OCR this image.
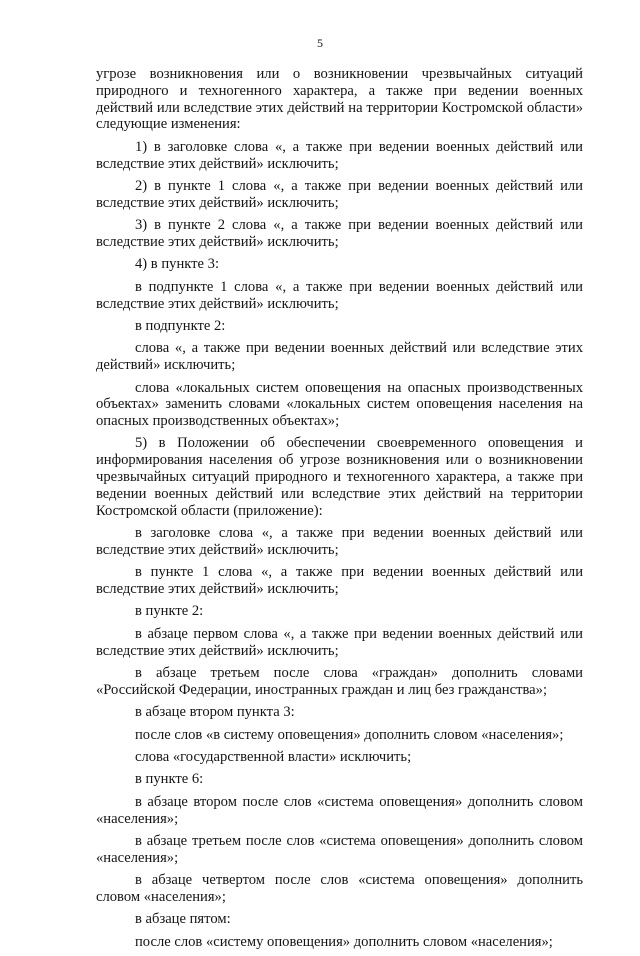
5

угрозе возникновения или о возникновении чрезвычайных ситуаций природного и техногенного характера, а также при ведении военных действий или вследствие этих действий на территории Костромской области» следующие изменения:

1) в заголовке слова «, а также при ведении военных действий или вследствие этих действий» исключить;

2) в пункте 1 слова «, а также при ведении военных действий или вследствие этих действий» исключить;

3) в пункте 2 слова «, а также при ведении военных действий или вследствие этих действий» исключить;

4) в пункте 3:

в подпункте 1 слова «, а также при ведении военных действий или вследствие этих действий» исключить;

в подпункте 2:

слова «, а также при ведении военных действий или вследствие этих действий» исключить;

слова «локальных систем оповещения на опасных производственных объектах» заменить словами «локальных систем оповещения населения на опасных производственных объектах»;

5) в Положении об обеспечении своевременного оповещения и информирования населения об угрозе возникновения или о возникновении чрезвычайных ситуаций природного и техногенного характера, а также при ведении военных действий или вследствие этих действий на территории Костромской области (приложение):

в заголовке слова «, а также при ведении военных действий или вследствие этих действий» исключить;

в пункте 1 слова «, а также при ведении военных действий или вследствие этих действий» исключить;

в пункте 2:

в абзаце первом слова «, а также при ведении военных действий или вследствие этих действий» исключить;

в абзаце третьем после слова «граждан» дополнить словами «Российской Федерации, иностранных граждан и лиц без гражданства»;

в абзаце втором пункта 3:

после слов «в систему оповещения» дополнить словом «населения»;

слова «государственной власти» исключить;

в пункте 6:

в абзаце втором после слов «система оповещения» дополнить словом «населения»;

в абзаце третьем после слов «система оповещения» дополнить словом «населения»;

в абзаце четвертом после слов «система оповещения» дополнить словом «населения»;

в абзаце пятом:

после слов «систему оповещения» дополнить словом «населения»;
